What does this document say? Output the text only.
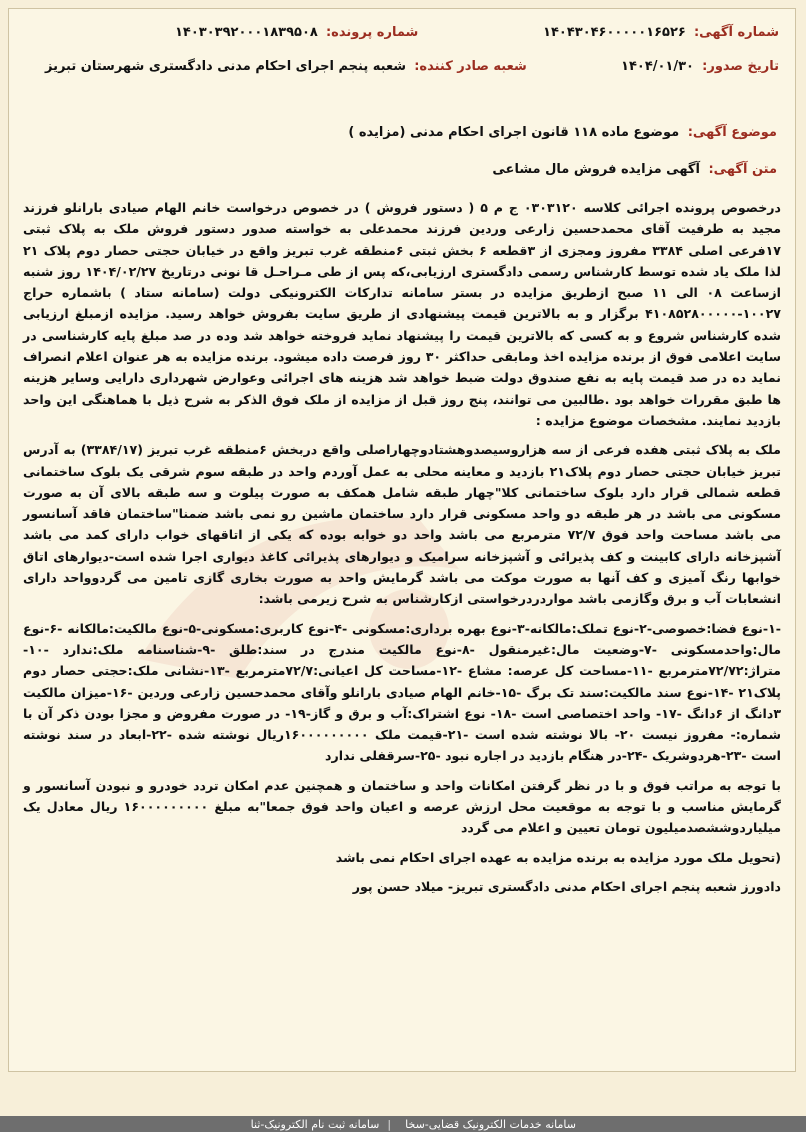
شماره آگهی: ۱۴۰۴۳۰۴۶۰۰۰۰۰۱۶۵۲۶
شماره پرونده: ۱۴۰۳۰۳۹۲۰۰۰۱۸۳۹۵۰۸
تاریخ صدور: ۱۴۰۴/۰۱/۳۰
شعبه صادر کننده: شعبه پنجم اجرای احکام مدنی دادگستری شهرستان تبریز
موضوع آگهی: موضوع ماده ۱۱۸ قانون اجرای احکام مدنی (مزایده )
متن آگهی: آگهی مزایده فروش مال مشاعی

درخصوص پرونده اجرائی کلاسه ۰۳۰۳۱۲۰ ج م ۵ ( دستور فروش ) در خصوص درخواست خانم الهام صیادی بارانلو فرزند مجید به طرفیت آقای محمدحسین زارعی وردین فرزند محمدعلی به خواسته صدور دستور فروش ملک به پلاک ثبتی ۱۷فرعی اصلی ۳۳۸۴ مفروز ومجزی از ۳قطعه ۶ بخش ثبتی ۶منطقه غرب تبریز واقع در خیابان حجتی حصار دوم پلاک ۲۱ لذا ملک یاد شده توسط کارشناس رسمی دادگستری ارزیابی،که پس از طی مـراحـل قا نونی درتاریخ ۱۴۰۴/۰۲/۲۷ روز شنبه ازساعت ۰۸ الی ۱۱ صبح ازطریق مزایده در بستر سامانه تدارکات الکترونیکی دولت (سامانه ستاد ) باشماره حراج ۱۰۰۲۷-۴۱۰۸۵۲۸۰۰۰۰۰ برگزار و به بالاترین قیمت پیشنهادی از طریق سایت بفروش خواهد رسید. مزایده ازمبلغ ارزیابی شده کارشناس شروع و به کسی که بالاترین قیمت را پیشنهاد نماید فروخته خواهد شد وده در صد مبلغ پایه کارشناسی در سایت اعلامی فوق از برنده مزایده اخذ ومابقی حداکثر ۳۰ روز فرصت داده میشود. برنده مزایده به هر عنوان اعلام انصراف نماید ده در صد قیمت پایه به نفع صندوق دولت ضبط خواهد شد هزینه های اجرائی وعوارض شهرداری دارایی وسایر هزینه ها طبق مقررات خواهد بود .طالبین می توانند، پنج روز قبل از مزایده از ملک فوق الذکر به شرح ذیل با هماهنگی این واحد بازدید نمایند. مشخصات موضوع مزایده :

ملک به پلاک ثبتی هفده فرعی از سه هزاروسیصدوهشتادوچهاراصلی واقع دربخش ۶منطقه غرب تبریز (۳۳۸۴/۱۷) به آدرس تبریز خیابان حجتی حصار دوم پلاک۲۱ بازدید و معاینه محلی به عمل آوردم واحد در طبقه سوم شرقی یک بلوک ساختمانی قطعه شمالی قرار دارد بلوک ساختمانی کلا"چهار طبقه شامل همکف به صورت پیلوت و سه طبقه بالای آن به صورت مسکونی می باشد در هر طبقه دو واحد مسکونی قرار دارد ساختمان ماشین رو نمی باشد ضمنا"ساختمان فاقد آسانسور می باشد مساحت واحد فوق ۷۲/۷ مترمربع می باشد واحد دو خوابه بوده که یکی از اتاقهای خواب دارای کمد می باشد آشپزخانه دارای کابینت و کف پذیرائی و آشپزخانه سرامیک و دیوارهای پذیرائی کاغذ دیواری اجرا شده است-دیوارهای اتاق خوابها رنگ آمیزی و کف آنها به صورت موکت می باشد گرمایش واحد به صورت بخاری گازی تامین می گردوواحد دارای انشعابات آب و برق وگازمی باشد مواردردرخواستی ازکارشناس به شرح زیرمی باشد:

-۱-نوع فضا:خصوصی-۲-نوع تملک:مالکانه-۳-نوع بهره برداری:مسکونی -۴-نوع کاربری:مسکونی-۵-نوع مالکیت:مالکانه -۶-نوع مال:واحدمسکونی -۷-وضعیت مال:غیرمنقول -۸-نوع مالکیت مندرج در سند:طلق -۹-شناسنامه ملک:ندارد -۱۰- متراژ:۷۲/۷۲مترمربع -۱۱-مساحت کل عرصه: مشاع -۱۲-مساحت کل اعیانی:۷۲/۷مترمربع -۱۳-نشانی ملک:حجتی حصار دوم پلاک۲۱ -۱۴-نوع سند مالکیت:سند تک برگ -۱۵-خانم الهام صیادی بارانلو وآقای محمدحسین زارعی وردین -۱۶-میزان مالکیت ۳دانگ از ۶دانگ -۱۷- واحد اختصاصی است -۱۸- نوع اشتراک:آب و برق و گاز-۱۹- در صورت مفروض و مجزا بودن ذکر آن با شماره:- مفروز نیست ۲۰- بالا نوشته شده است -۲۱-قیمت ملک ۱۶۰۰۰۰۰۰۰۰۰ریال نوشته شده -۲۲-ابعاد در سند نوشته است -۲۳-هردوشریک -۲۴-در هنگام بازدید در اجاره نبود -۲۵-سرقفلی ندارد

با توجه به مراتب فوق و با در نظر گرفتن امکانات واحد و ساختمان و همچنین عدم امکان تردد خودرو و نبودن آسانسور و گرمایش مناسب و با توجه به موقعیت محل ارزش عرصه و اعیان واحد فوق جمعا"به مبلغ ۱۶۰۰۰۰۰۰۰۰۰ ریال معادل یک میلیاردوششصدمیلیون تومان تعیین و اعلام می گردد

(تحویل ملک مورد مزایده به برنده مزایده به عهده اجرای احکام نمی باشد

دادورز شعبه پنجم اجرای احکام مدنی دادگستری تبریز- میلاد حسن پور

سامانه خدمات الکترونیک قضایی-سخا
|
سامانه ثبت نام الکترونیک-ثنا
